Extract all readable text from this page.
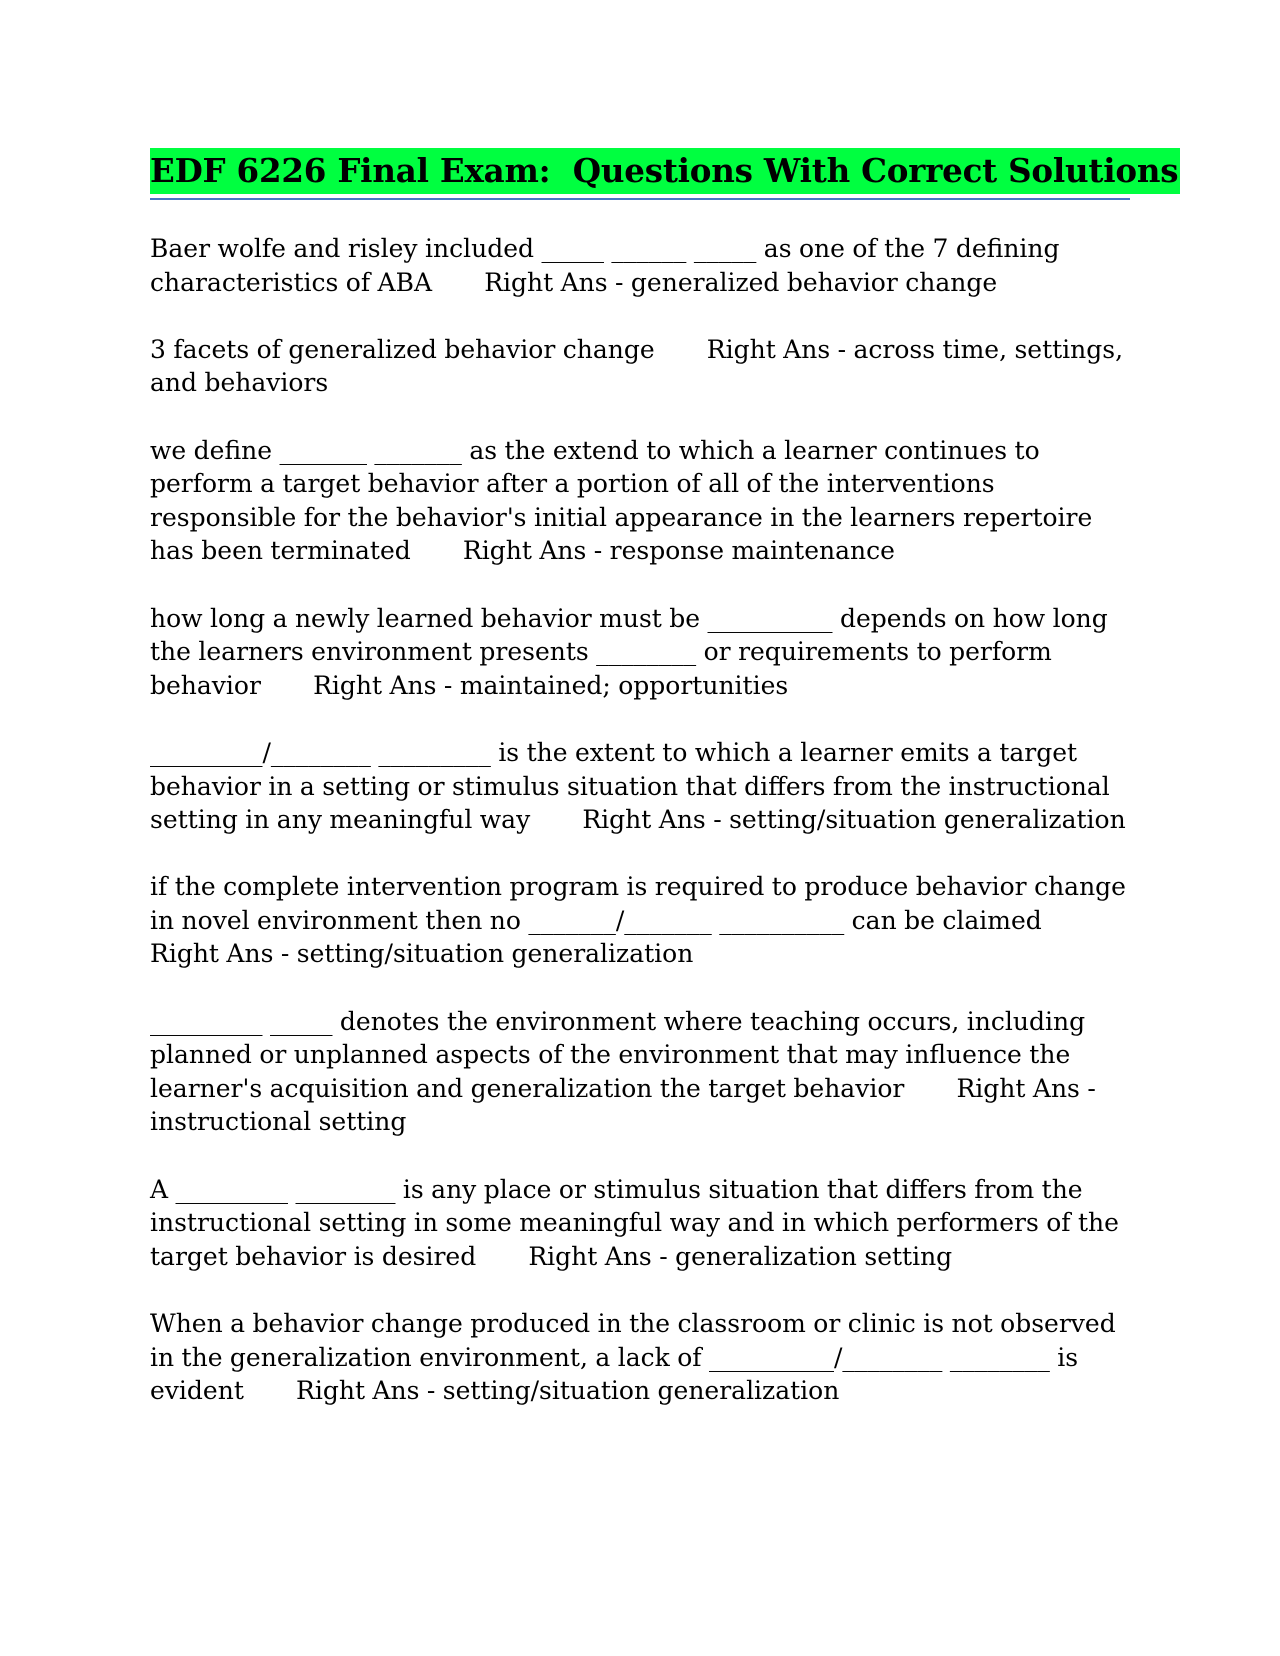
EDF 6226 Final Exam:  Questions With Correct Solutions
Baer wolfe and risley included _____ ______ _____ as one of the 7 defining characteristics of ABA Right Ans - generalized behavior change
3 facets of generalized behavior change Right Ans - across time, settings, and behaviors
we define _______ _______ as the extend to which a learner continues to perform a target behavior after a portion of all of the interventions responsible for the behavior's initial appearance in the learners repertoire has been terminated Right Ans - response maintenance
how long a newly learned behavior must be __________ depends on how long the learners environment presents ________ or requirements to perform behavior Right Ans - maintained; opportunities
_________/________ _________ is the extent to which a learner emits a target behavior in a setting or stimulus situation that differs from the instructional setting in any meaningful way Right Ans - setting/situation generalization
if the complete intervention program is required to produce behavior change in novel environment then no _______/_______ __________ can be claimed       Right Ans - setting/situation generalization
_________ _____ denotes the environment where teaching occurs, including planned or unplanned aspects of the environment that may influence the learner's acquisition and generalization the target behavior Right Ans - instructional setting
A _________ ________ is any place or stimulus situation that differs from the instructional setting in some meaningful way and in which performers of the target behavior is desired Right Ans - generalization setting
When a behavior change produced in the classroom or clinic is not observed in the generalization environment, a lack of __________/________ ________ is evident Right Ans - setting/situation generalization
